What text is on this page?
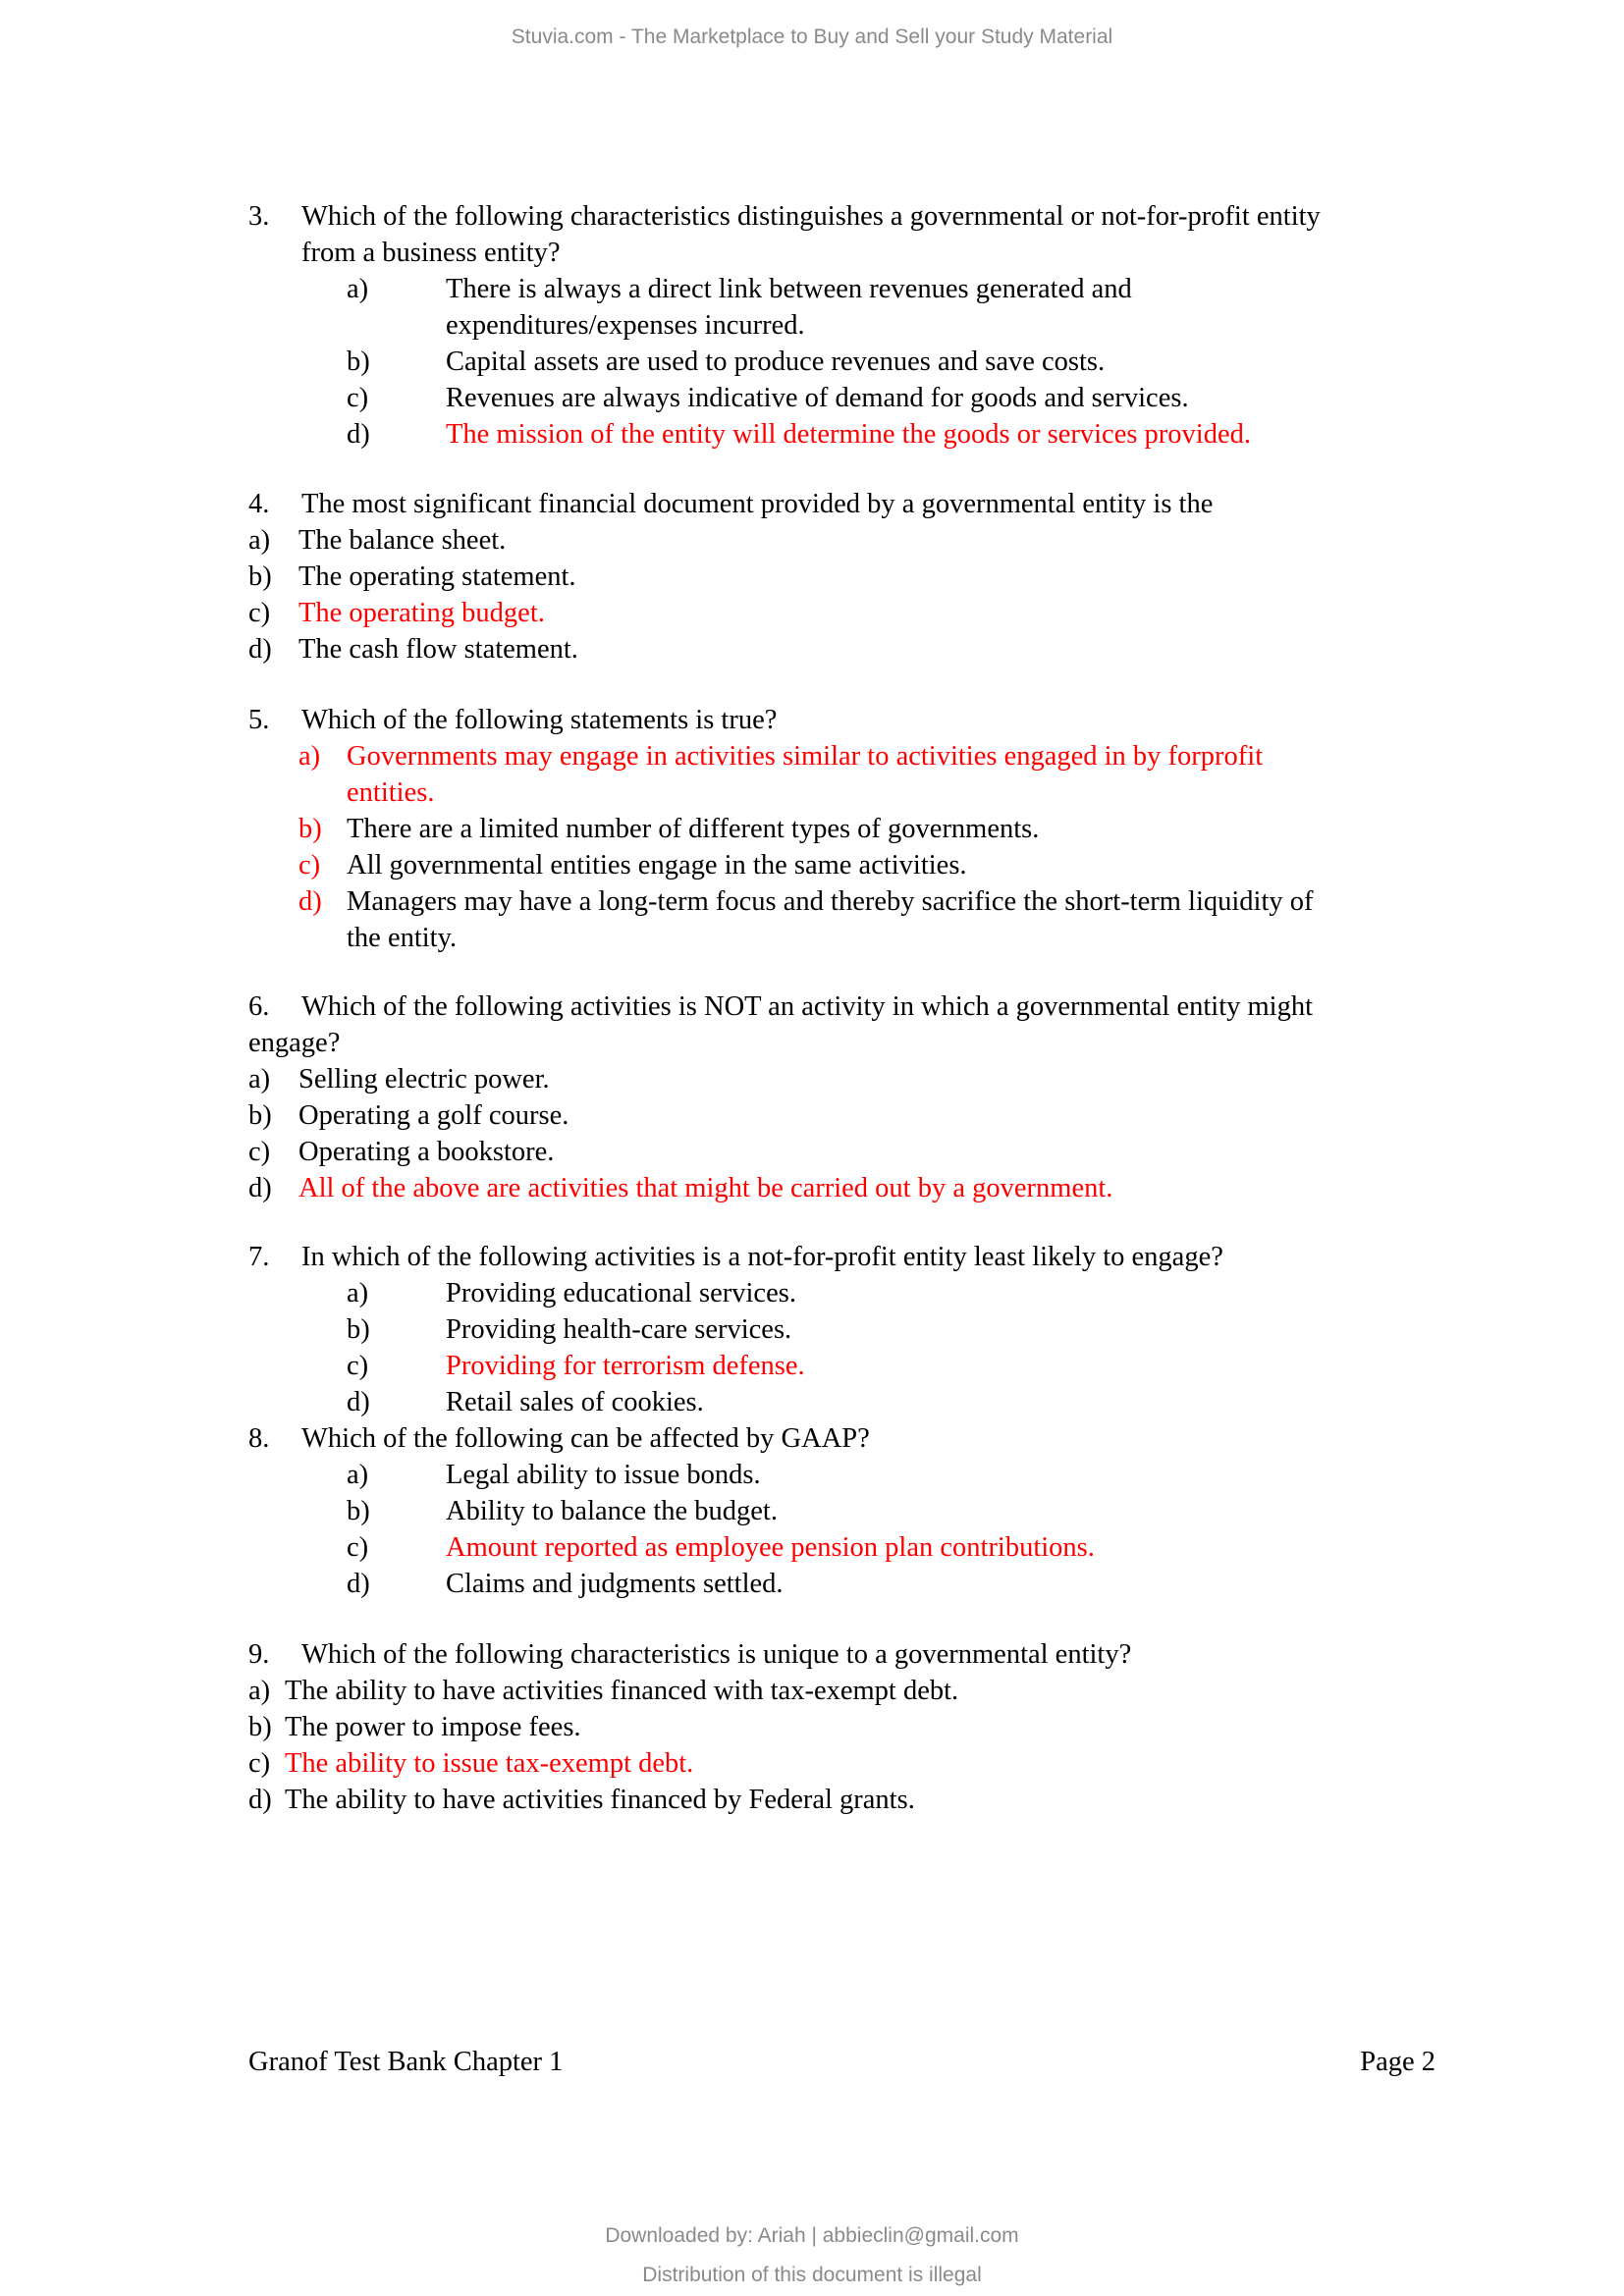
Stuvia.com - The Marketplace to Buy and Sell your Study Material
Granof Test Bank Chapter 1	Page 2
Downloaded by: Ariah | abbieclin@gmail.com
Distribution of this document is illegal
3. Which of the following characteristics distinguishes a governmental or not-for-profit entity
from a business entity?
a)	There is always a direct link between revenues generated and
expenditures/expenses incurred.
b)	Capital assets are used to produce revenues and save costs.
c)	Revenues are always indicative of demand for goods and services.
d)	The mission of the entity will determine the goods or services provided.
4. The most significant financial document provided by a governmental entity is the
a) The balance sheet.
b) The operating statement.
c) The operating budget.
d) The cash flow statement.
5. Which of the following statements is true?
a) Governments may engage in activities similar to activities engaged in by forprofit
entities.
b) There are a limited number of different types of governments.
c) All governmental entities engage in the same activities.
d) Managers may have a long-term focus and thereby sacrifice the short-term liquidity of
the entity.
6. Which of the following activities is NOT an activity in which a governmental entity might
engage?
a) Selling electric power.
b) Operating a golf course.
c) Operating a bookstore.
d) All of the above are activities that might be carried out by a government.
7. In which of the following activities is a not-for-profit entity least likely to engage?
a)	Providing educational services.
b)	Providing health-care services.
c)	Providing for terrorism defense.
d)	Retail sales of cookies.
8. Which of the following can be affected by GAAP?
a)	Legal ability to issue bonds.
b)	Ability to balance the budget.
c)	Amount reported as employee pension plan contributions.
d)	Claims and judgments settled.
9. Which of the following characteristics is unique to a governmental entity?
a) The ability to have activities financed with tax-exempt debt.
b) The power to impose fees.
c) The ability to issue tax-exempt debt.
d) The ability to have activities financed by Federal grants.
